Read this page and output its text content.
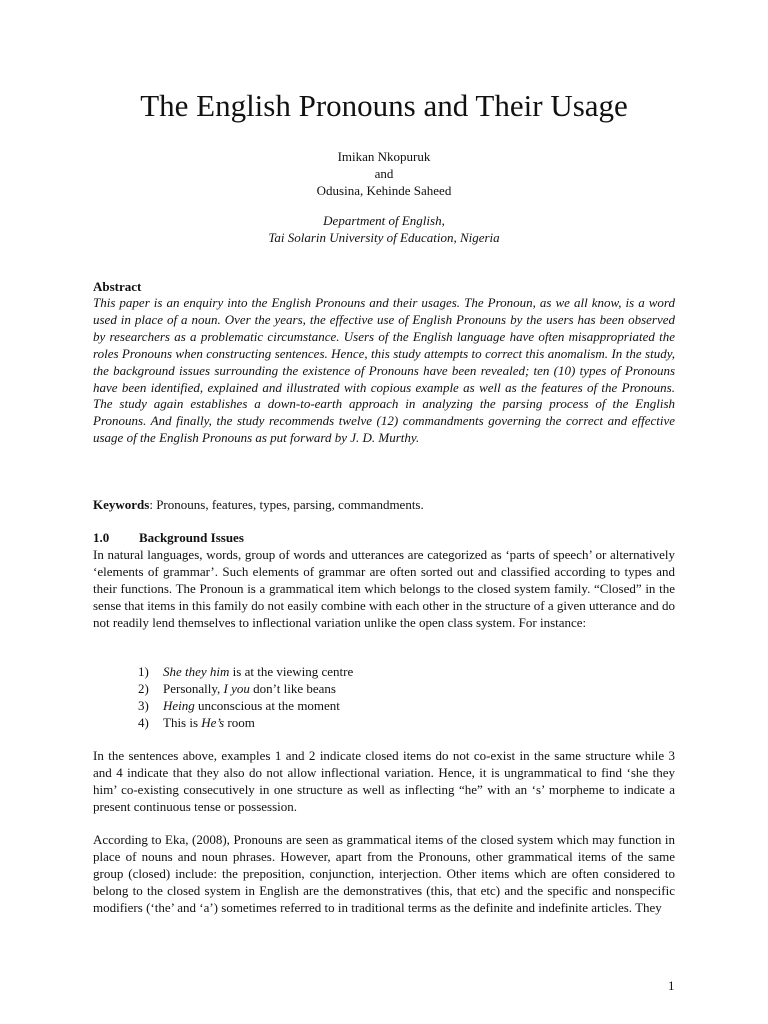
The English Pronouns and Their Usage
Imikan Nkopuruk
and
Odusina, Kehinde Saheed
Department of English,
Tai Solarin University of Education, Nigeria
Abstract

This paper is an enquiry into the English Pronouns and their usages. The Pronoun, as we all know, is a word used in place of a noun. Over the years, the effective use of English Pronouns by the users has been observed by researchers as a problematic circumstance. Users of the English language have often misappropriated the roles Pronouns when constructing sentences. Hence, this study attempts to correct this anomalism. In the study, the background issues surrounding the existence of Pronouns have been revealed; ten (10) types of Pronouns have been identified, explained and illustrated with copious example as well as the features of the Pronouns. The study again establishes a down-to-earth approach in analyzing the parsing process of the English Pronouns. And finally, the study recommends twelve (12) commandments governing the correct and effective usage of the English Pronouns as put forward by J. D. Murthy.

Keywords: Pronouns, features, types, parsing, commandments.

1.0 Background Issues

In natural languages, words, group of words and utterances are categorized as ‘parts of speech’ or alternatively ‘elements of grammar’. Such elements of grammar are often sorted out and classified according to types and their functions. The Pronoun is a grammatical item which belongs to the closed system family. “Closed” in the sense that items in this family do not easily combine with each other in the structure of a given utterance and do not readily lend themselves to inflectional variation unlike the open class system. For instance:

1) She they him is at the viewing centre
2) Personally, I you don’t like beans
3) Heing unconscious at the moment
4) This is He’s room

In the sentences above, examples 1 and 2 indicate closed items do not co-exist in the same structure while 3 and 4 indicate that they also do not allow inflectional variation. Hence, it is ungrammatical to find ‘she they him’ co-existing consecutively in one structure as well as inflecting “he” with an ‘s’ morpheme to indicate a present continuous tense or possession.

According to Eka, (2008), Pronouns are seen as grammatical items of the closed system which may function in place of nouns and noun phrases. However, apart from the Pronouns, other grammatical items of the same group (closed) include: the preposition, conjunction, interjection. Other items which are often considered to belong to the closed system in English are the demonstratives (this, that etc) and the specific and nonspecific modifiers (‘the’ and ‘a’) sometimes referred to in traditional terms as the definite and indefinite articles. They

1
